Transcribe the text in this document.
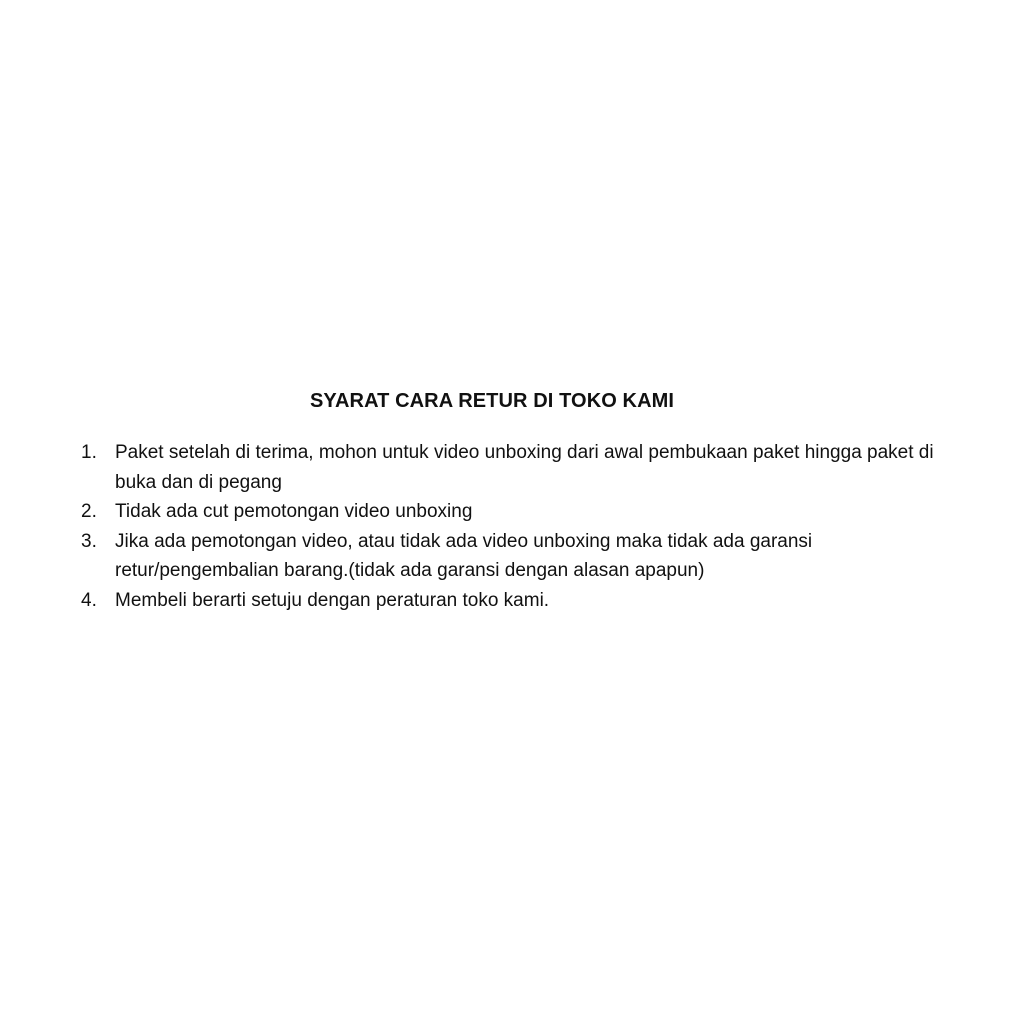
SYARAT CARA RETUR DI TOKO KAMI
1. Paket setelah di terima, mohon untuk video unboxing dari awal pembukaan paket hingga paket di buka dan di pegang
2. Tidak ada cut pemotongan video unboxing
3. Jika ada pemotongan video, atau tidak ada video unboxing maka tidak ada garansi retur/pengembalian barang.(tidak ada garansi dengan alasan apapun)
4. Membeli berarti setuju dengan peraturan toko kami.
